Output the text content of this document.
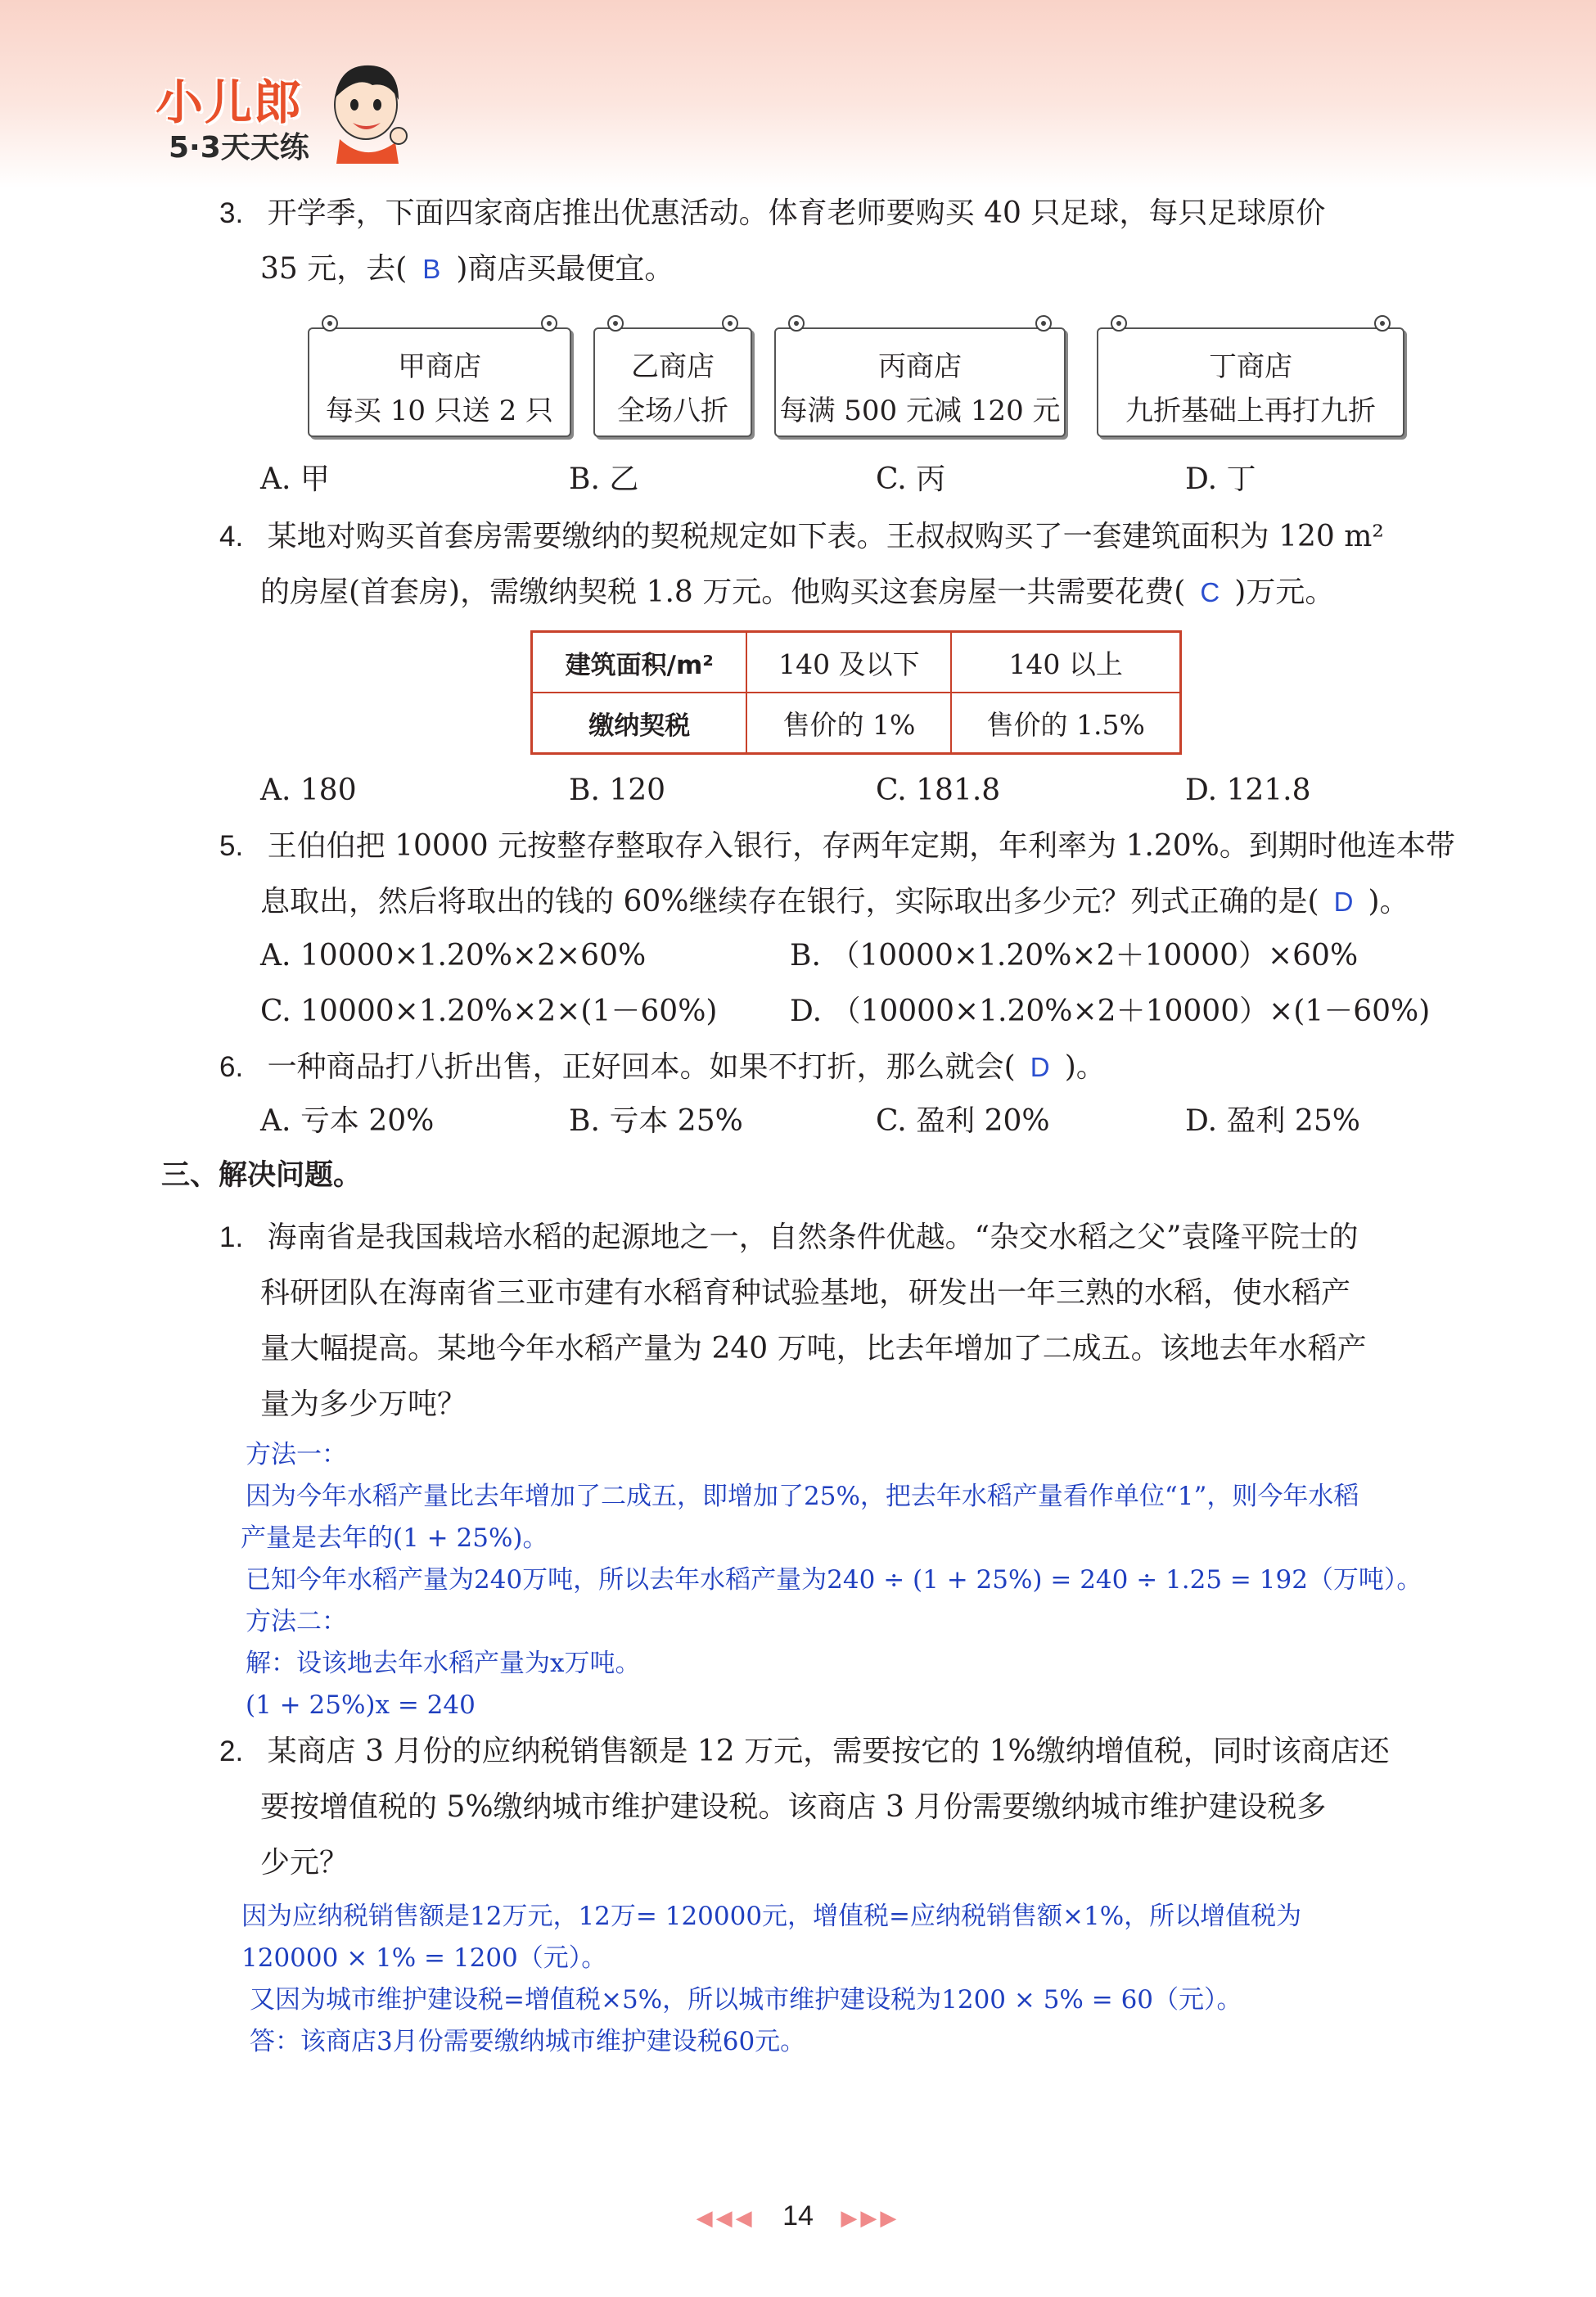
小儿郎
5·3天天练
3. 开学季，下面四家商店推出优惠活动。体育老师要购买 40 只足球，每只足球原价
35 元，去( B )商店买最便宜。
甲商店
每买 10 只送 2 只
乙商店
全场八折
丙商店
每满 500 元减 120 元
丁商店
九折基础上再打九折
A. 甲	B. 乙	C. 丙	D. 丁
4. 某地对购买首套房需要缴纳的契税规定如下表。王叔叔购买了一套建筑面积为 120 m²
的房屋(首套房)，需缴纳契税 1.8 万元。他购买这套房屋一共需要花费( C )万元。
建筑面积/m²	140 及以下	140 以上
缴纳契税	售价的 1%	售价的 1.5%
A. 180	B. 120	C. 181.8	D. 121.8
5. 王伯伯把 10000 元按整存整取存入银行，存两年定期，年利率为 1.20%。到期时他连本带
息取出，然后将取出的钱的 60%继续存在银行，实际取出多少元？列式正确的是( D )。
A. 10000×1.20%×2×60%	B. （10000×1.20%×2＋10000）×60%
C. 10000×1.20%×2×(1－60%) D. （10000×1.20%×2＋10000）×(1－60%)
6. 一种商品打八折出售，正好回本。如果不打折，那么就会( D )。
A. 亏本 20%	B. 亏本 25%	C. 盈利 20%	D. 盈利 25%
三、解决问题。
1. 海南省是我国栽培水稻的起源地之一，自然条件优越。“杂交水稻之父”袁隆平院士的
科研团队在海南省三亚市建有水稻育种试验基地，研发出一年三熟的水稻，使水稻产
量大幅提高。某地今年水稻产量为 240 万吨，比去年增加了二成五。该地去年水稻产
量为多少万吨？
方法一：
因为今年水稻产量比去年增加了二成五，即增加了25%，把去年水稻产量看作单位“1”，则今年水稻
产量是去年的(1 + 25%)。
已知今年水稻产量为240万吨，所以去年水稻产量为240 ÷ (1 + 25%) = 240 ÷ 1.25 = 192（万吨）。
方法二：
解：设该地去年水稻产量为x万吨。
(1 + 25%)x = 240
2. 某商店 3 月份的应纳税销售额是 12 万元，需要按它的 1%缴纳增值税，同时该商店还
要按增值税的 5%缴纳城市维护建设税。该商店 3 月份需要缴纳城市维护建设税多
少元？
因为应纳税销售额是12万元，12万= 120000元，增值税=应纳税销售额×1%，所以增值税为
120000 × 1% = 1200（元）。
又因为城市维护建设税=增值税×5%，所以城市维护建设税为1200 × 5% = 60（元）。
答：该商店3月份需要缴纳城市维护建设税60元。
◀◀◀ 14 ▶▶▶
